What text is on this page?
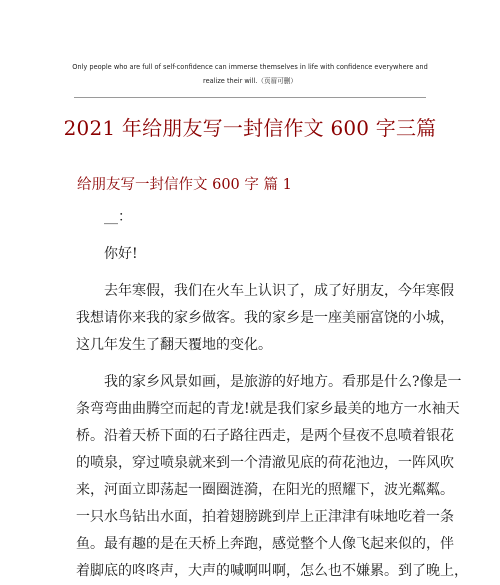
Only people who are full of self-confidence can immerse themselves in life with confidence everywhere and
realize their will.（页眉可删）
2021 年给朋友写一封信作文 600 字三篇
给朋友写一封信作文 600 字 篇 1
__：
你好!
去年寒假，我们在火车上认识了，成了好朋友，今年寒假
我想请你来我的家乡做客。我的家乡是一座美丽富饶的小城，
这几年发生了翻天覆地的变化。
我的家乡风景如画，是旅游的好地方。看那是什么?像是一
条弯弯曲曲腾空而起的青龙!就是我们家乡最美的地方一水袖天
桥。沿着天桥下面的石子路往西走，是两个昼夜不息喷着银花
的喷泉，穿过喷泉就来到一个清澈见底的荷花池边，一阵风吹
来，河面立即荡起一圈圈涟漪，在阳光的照耀下，波光粼粼。
一只水鸟钻出水面，拍着翅膀跳到岸上正津津有味地吃着一条
鱼。最有趣的是在天桥上奔跑，感觉整个人像飞起来似的，伴
着脚底的咚咚声，大声的喊啊叫啊，怎么也不嫌累。到了晚上，
